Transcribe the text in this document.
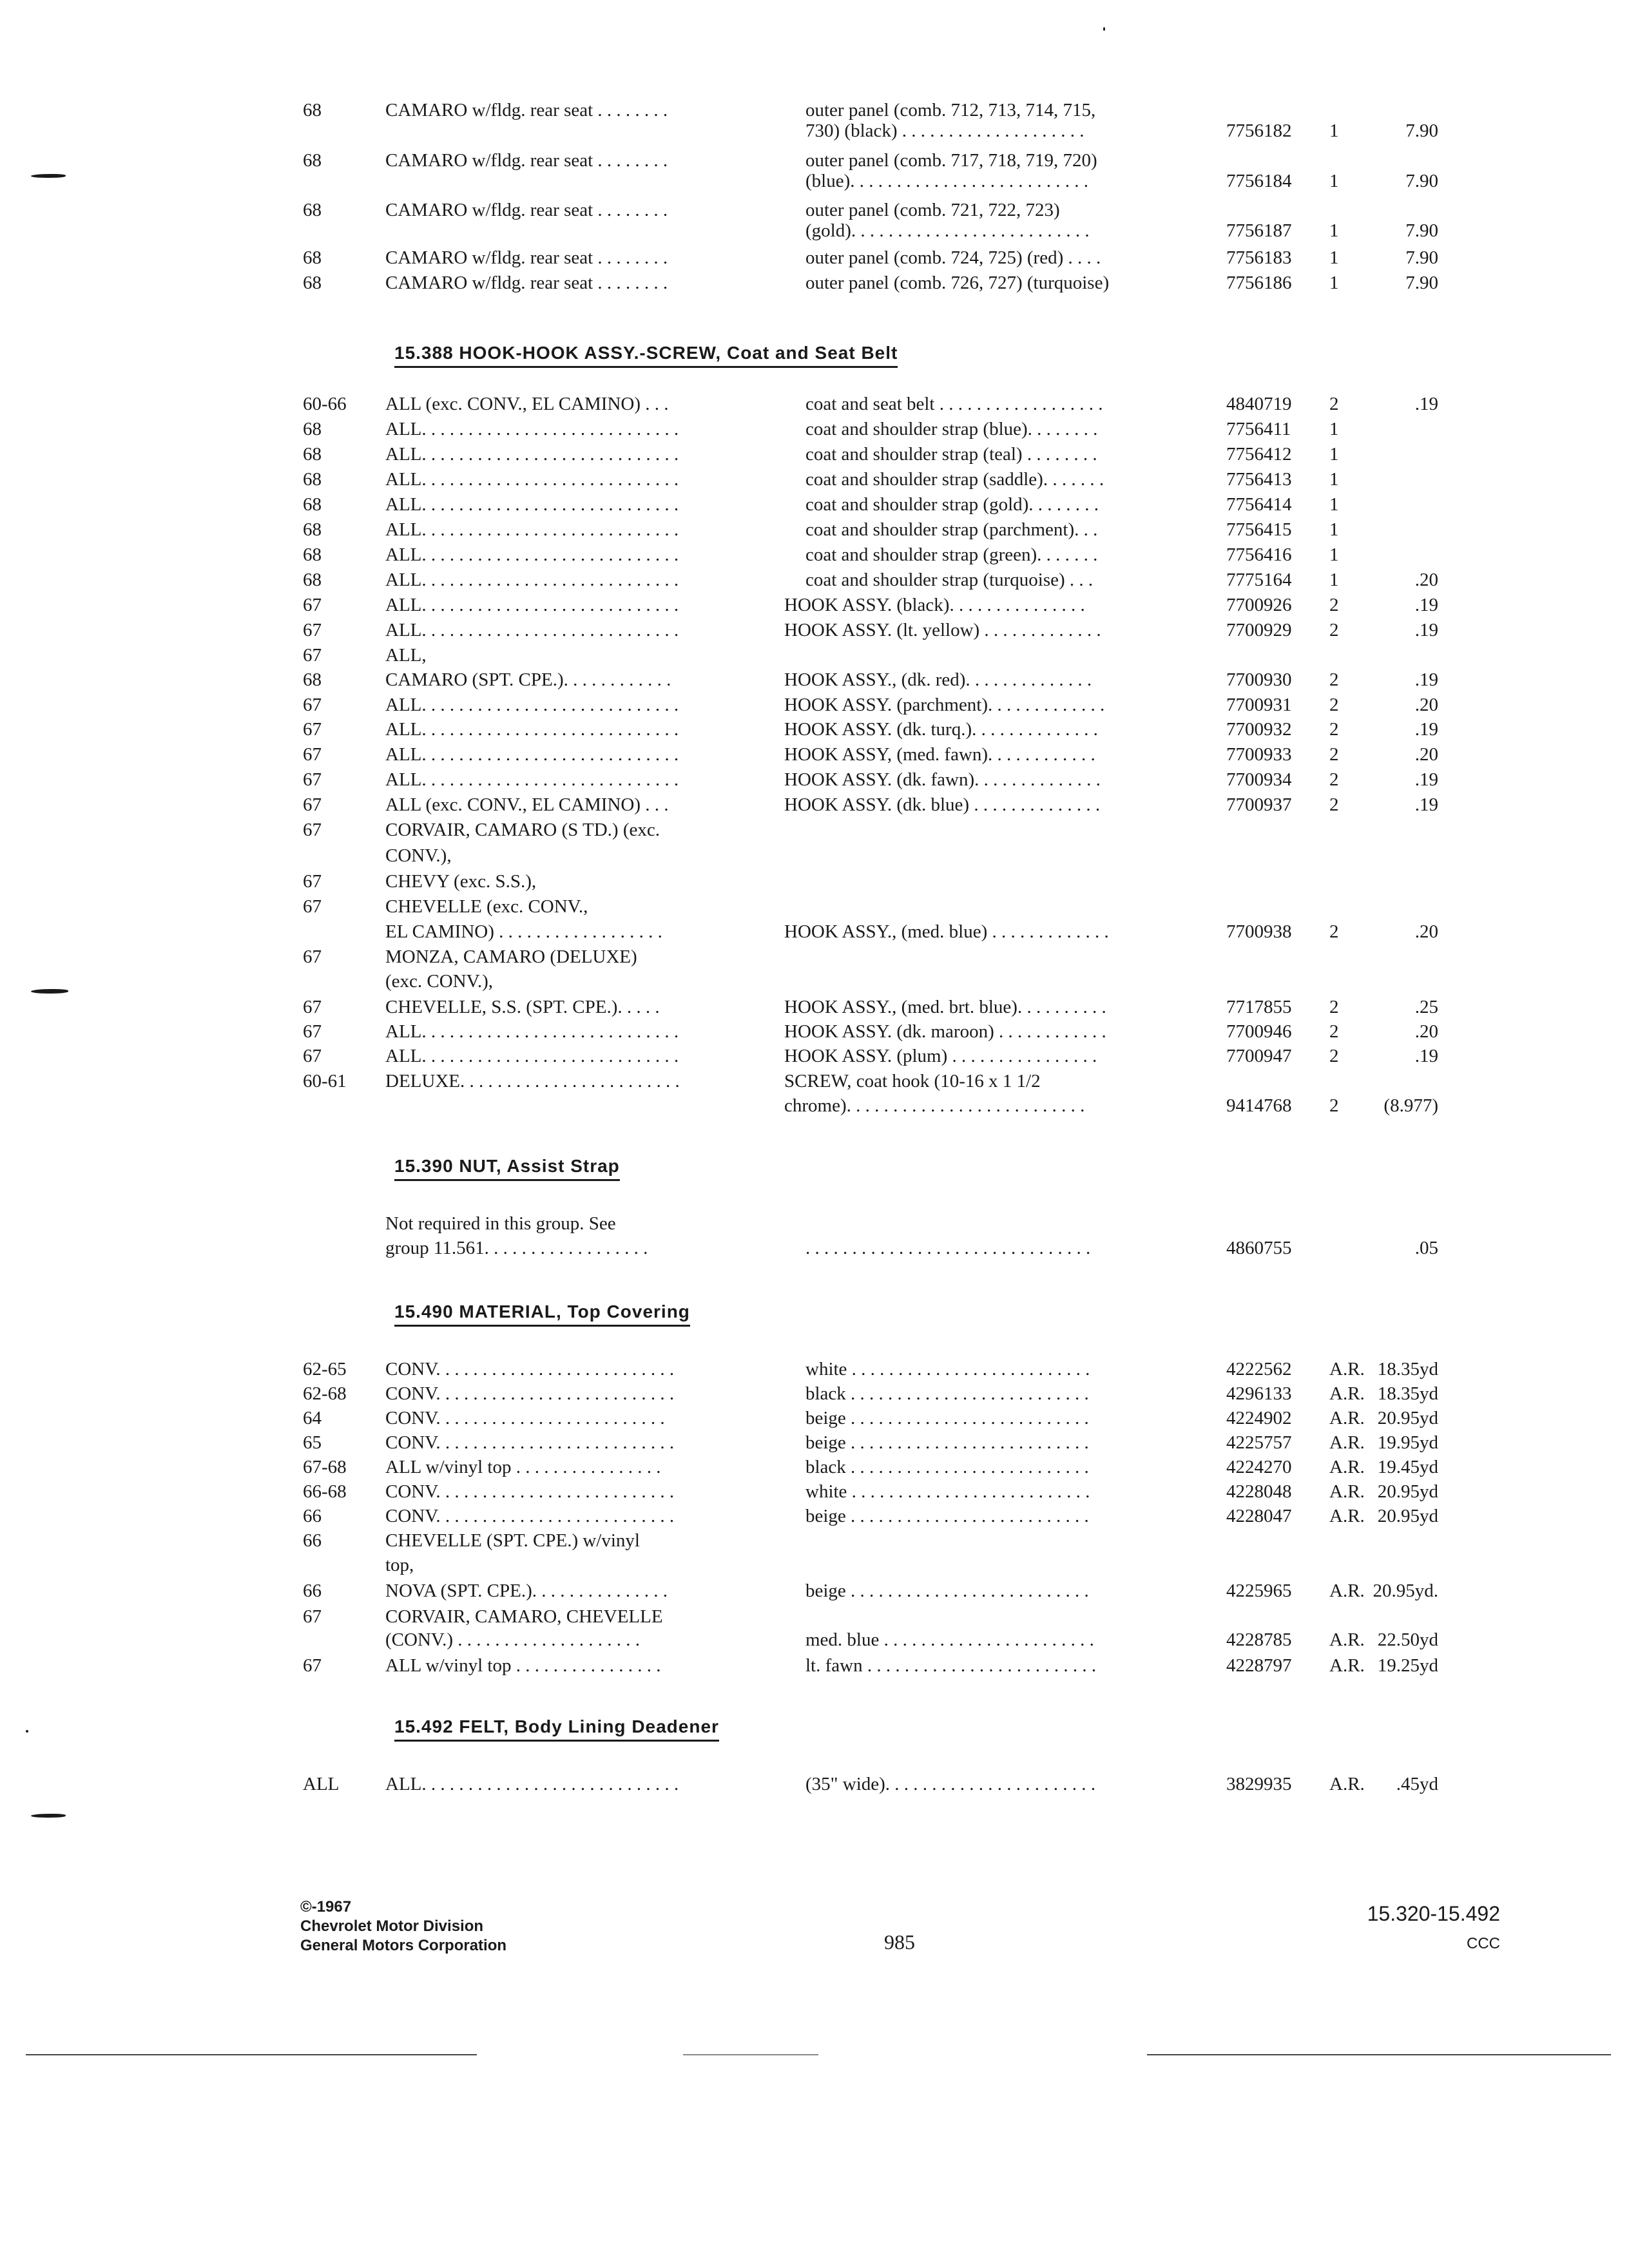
68	CAMARO w/fldg. rear seat . . . . . . . .	outer panel (comb. 712, 713, 714, 715,
730) (black) . . . . . . . . . . . . . . . . . . . .	7756182 1	7.90
68	CAMARO w/fldg. rear seat . . . . . . . .	outer panel (comb. 717, 718, 719, 720)
(blue). . . . . . . . . . . . . . . . . . . . . . . . . .	7756184 1	7.90
68	CAMARO w/fldg. rear seat . . . . . . . .	outer panel (comb. 721, 722, 723)
(gold). . . . . . . . . . . . . . . . . . . . . . . . . .	7756187 1	7.90
68	CAMARO w/fldg. rear seat . . . . . . . .	outer panel (comb. 724, 725) (red) . . . .	7756183 1	7.90
68	CAMARO w/fldg. rear seat . . . . . . . .	outer panel (comb. 726, 727) (turquoise)	7756186 1	7.90
15.388 HOOK-HOOK ASSY.-SCREW, Coat and Seat Belt
60-66 ALL (exc. CONV., EL CAMINO) . . .	coat and seat belt . . . . . . . . . . . . . . . . . .	4840719 2	.19
68	ALL. . . . . . . . . . . . . . . . . . . . . . . . . . . .	coat and shoulder strap (blue). . . . . . . .	7756411 1
68	ALL. . . . . . . . . . . . . . . . . . . . . . . . . . . .	coat and shoulder strap (teal) . . . . . . . .	7756412 1
68	ALL. . . . . . . . . . . . . . . . . . . . . . . . . . . .	coat and shoulder strap (saddle). . . . . . .	7756413 1
68	ALL. . . . . . . . . . . . . . . . . . . . . . . . . . . .	coat and shoulder strap (gold). . . . . . . .	7756414 1
68	ALL. . . . . . . . . . . . . . . . . . . . . . . . . . . .	coat and shoulder strap (parchment). . .	7756415 1
68	ALL. . . . . . . . . . . . . . . . . . . . . . . . . . . .	coat and shoulder strap (green). . . . . . .	7756416 1
68	ALL. . . . . . . . . . . . . . . . . . . . . . . . . . . .	coat and shoulder strap (turquoise) . . .	7775164 1	.20
67	ALL. . . . . . . . . . . . . . . . . . . . . . . . . . . .	HOOK ASSY. (black). . . . . . . . . . . . . . .	7700926 2	.19
67	ALL. . . . . . . . . . . . . . . . . . . . . . . . . . . .	HOOK ASSY. (lt. yellow) . . . . . . . . . . . . .	7700929 2	.19
67	ALL,
68	CAMARO (SPT. CPE.). . . . . . . . . . . .	HOOK ASSY., (dk. red). . . . . . . . . . . . . .	7700930 2	.19
67	ALL. . . . . . . . . . . . . . . . . . . . . . . . . . . .	HOOK ASSY. (parchment). . . . . . . . . . . . .	7700931 2	.20
67	ALL. . . . . . . . . . . . . . . . . . . . . . . . . . . .	HOOK ASSY. (dk. turq.). . . . . . . . . . . . . .	7700932 2	.19
67	ALL. . . . . . . . . . . . . . . . . . . . . . . . . . . .	HOOK ASSY, (med. fawn). . . . . . . . . . . .	7700933 2	.20
67	ALL. . . . . . . . . . . . . . . . . . . . . . . . . . . .	HOOK ASSY. (dk. fawn). . . . . . . . . . . . . .	7700934 2	.19
67	ALL (exc. CONV., EL CAMINO) . . .	HOOK ASSY. (dk. blue) . . . . . . . . . . . . . .	7700937 2	.19
67	CORVAIR, CAMARO (S TD.) (exc.
CONV.),
67	CHEVY (exc. S.S.),
67	CHEVELLE (exc. CONV.,
EL CAMINO) . . . . . . . . . . . . . . . . . .	HOOK ASSY., (med. blue) . . . . . . . . . . . . .	7700938 2	.20
67	MONZA, CAMARO (DELUXE)
(exc. CONV.),
67	CHEVELLE, S.S. (SPT. CPE.). . . . .	HOOK ASSY., (med. brt. blue). . . . . . . . . .	7717855 2	.25
67	ALL. . . . . . . . . . . . . . . . . . . . . . . . . . . .	HOOK ASSY. (dk. maroon) . . . . . . . . . . . .	7700946 2	.20
67	ALL. . . . . . . . . . . . . . . . . . . . . . . . . . . .	HOOK ASSY. (plum) . . . . . . . . . . . . . . . .	7700947 2	.19
60-61 DELUXE. . . . . . . . . . . . . . . . . . . . . . . .	SCREW, coat hook (10-16 x 1 1/2
chrome). . . . . . . . . . . . . . . . . . . . . . . . . .	9414768 2 (8.977)
15.390 NUT, Assist Strap
Not required in this group. See
group 11.561. . . . . . . . . . . . . . . . . .	. . . . . . . . . . . . . . . . . . . . . . . . . . . . . . .	4860755	.05
15.490 MATERIAL, Top Covering
62-65 CONV. . . . . . . . . . . . . . . . . . . . . . . . . .	white . . . . . . . . . . . . . . . . . . . . . . . . . .	4222562 A.R. 18.35yd
62-68 CONV. . . . . . . . . . . . . . . . . . . . . . . . . .	black . . . . . . . . . . . . . . . . . . . . . . . . . .	4296133 A.R. 18.35yd
64	CONV. . . . . . . . . . . . . . . . . . . . . . . . .	beige . . . . . . . . . . . . . . . . . . . . . . . . . .	4224902 A.R. 20.95yd
65	CONV. . . . . . . . . . . . . . . . . . . . . . . . . .	beige . . . . . . . . . . . . . . . . . . . . . . . . . .	4225757 A.R. 19.95yd
67-68 ALL w/vinyl top . . . . . . . . . . . . . . . .	black . . . . . . . . . . . . . . . . . . . . . . . . . .	4224270 A.R. 19.45yd
66-68 CONV. . . . . . . . . . . . . . . . . . . . . . . . . .	white . . . . . . . . . . . . . . . . . . . . . . . . . .	4228048 A.R. 20.95yd
66	CONV. . . . . . . . . . . . . . . . . . . . . . . . . .	beige . . . . . . . . . . . . . . . . . . . . . . . . . .	4228047 A.R. 20.95yd
66	CHEVELLE (SPT. CPE.) w/vinyl
top,
66	NOVA (SPT. CPE.). . . . . . . . . . . . . . .	beige . . . . . . . . . . . . . . . . . . . . . . . . . .	4225965 A.R. 20.95yd.
67	CORVAIR, CAMARO, CHEVELLE
(CONV.) . . . . . . . . . . . . . . . . . . . .	med. blue . . . . . . . . . . . . . . . . . . . . . . .	4228785 A.R. 22.50yd
67	ALL w/vinyl top . . . . . . . . . . . . . . . .	lt. fawn . . . . . . . . . . . . . . . . . . . . . . . . .	4228797 A.R. 19.25yd
15.492 FELT, Body Lining Deadener
ALL ALL. . . . . . . . . . . . . . . . . . . . . . . . . . . .	(35" wide). . . . . . . . . . . . . . . . . . . . . . .	3829935 A.R. .45yd
©-1967
Chevrolet Motor Division
General Motors Corporation	985
15.320-15.492
CCC
